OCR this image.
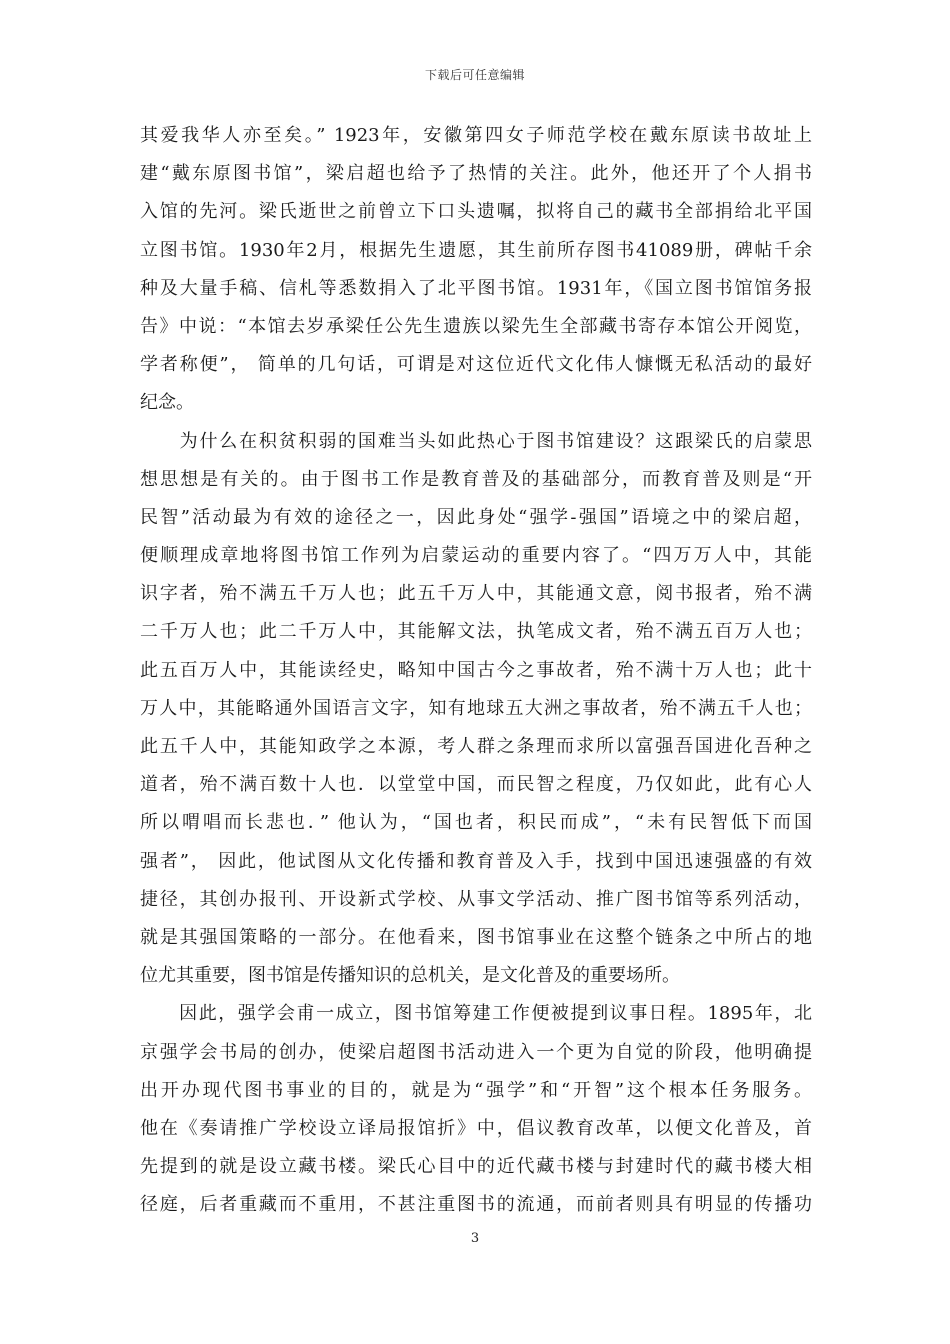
下载后可任意编辑
其爱我华人亦至矣。” 1923年，安徽第四女子师范学校在戴东原读书故址上
建“戴东原图书馆”，梁启超也给予了热情的关注。此外，他还开了个人捐书
入馆的先河。梁氏逝世之前曾立下口头遗嘱，拟将自己的藏书全部捐给北平国
立图书馆。1930年2月，根据先生遗愿，其生前所存图书41089册，碑帖千余
种及大量手稿、信札等悉数捐入了北平图书馆。1931年，《国立图书馆馆务报
告》中说：“本馆去岁承梁任公先生遗族以梁先生全部藏书寄存本馆公开阅览，
学者称便”， 简单的几句话，可谓是对这位近代文化伟人慷慨无私活动的最好
纪念。
　　为什么在积贫积弱的国难当头如此热心于图书馆建设？这跟梁氏的启蒙思
想思想是有关的。由于图书工作是教育普及的基础部分，而教育普及则是“开
民智”活动最为有效的途径之一，因此身处“强学-强国”语境之中的梁启超，
便顺理成章地将图书馆工作列为启蒙运动的重要内容了。“四万万人中，其能
识字者，殆不满五千万人也；此五千万人中，其能通文意，阅书报者，殆不满
二千万人也；此二千万人中，其能解文法，执笔成文者，殆不满五百万人也；
此五百万人中，其能读经史，略知中国古今之事故者，殆不满十万人也；此十
万人中，其能略通外国语言文字，知有地球五大洲之事故者，殆不满五千人也；
此五千人中，其能知政学之本源，考人群之条理而求所以富强吾国进化吾种之
道者，殆不满百数十人也．以堂堂中国，而民智之程度，乃仅如此，此有心人
所以喟唱而长悲也．” 他认为，“国也者，积民而成”，“未有民智低下而国
强者”， 因此，他试图从文化传播和教育普及入手，找到中国迅速强盛的有效
捷径，其创办报刊、开设新式学校、从事文学活动、推广图书馆等系列活动，
就是其强国策略的一部分。在他看来，图书馆事业在这整个链条之中所占的地
位尤其重要，图书馆是传播知识的总机关，是文化普及的重要场所。
　　因此，强学会甫一成立，图书馆筹建工作便被提到议事日程。1895年，北
京强学会书局的创办，使梁启超图书活动进入一个更为自觉的阶段，他明确提
出开办现代图书事业的目的，就是为“强学”和“开智”这个根本任务服务。
他在《奏请推广学校设立译局报馆折》中，倡议教育改革，以便文化普及，首
先提到的就是设立藏书楼。梁氏心目中的近代藏书楼与封建时代的藏书楼大相
径庭，后者重藏而不重用，不甚注重图书的流通，而前者则具有明显的传播功
3
